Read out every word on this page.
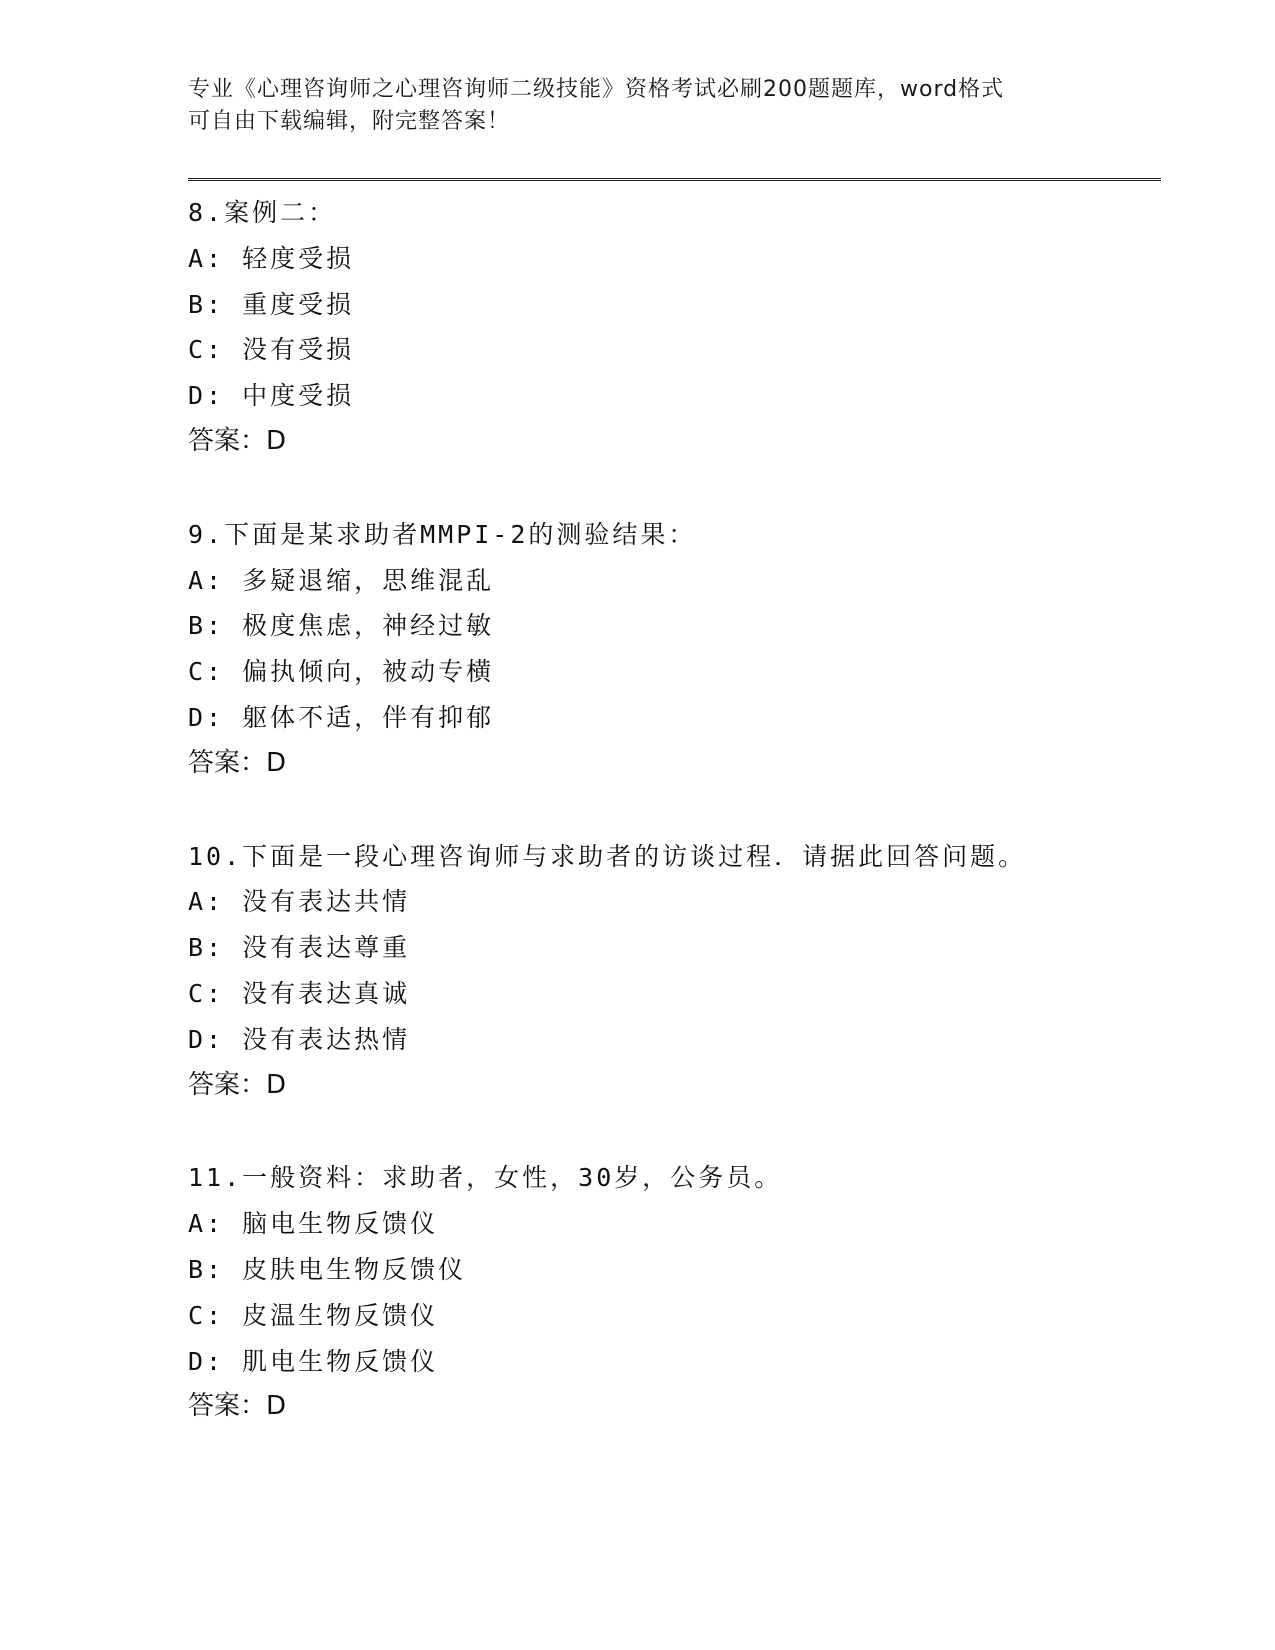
专业《心理咨询师之心理咨询师二级技能》资格考试必刷200题题库，word格式
可自由下载编辑，附完整答案！
8.案例二：
A: 轻度受损
B: 重度受损
C: 没有受损
D: 中度受损
答案：D
9.下面是某求助者MMPI-2的测验结果：
A: 多疑退缩，思维混乱
B: 极度焦虑，神经过敏
C: 偏执倾向，被动专横
D: 躯体不适，伴有抑郁
答案：D
10.下面是一段心理咨询师与求助者的访谈过程．请据此回答问题。
A: 没有表达共情
B: 没有表达尊重
C: 没有表达真诚
D: 没有表达热情
答案：D
11.一般资料：求助者，女性，30岁，公务员。
A: 脑电生物反馈仪
B: 皮肤电生物反馈仪
C: 皮温生物反馈仪
D: 肌电生物反馈仪
答案：D
